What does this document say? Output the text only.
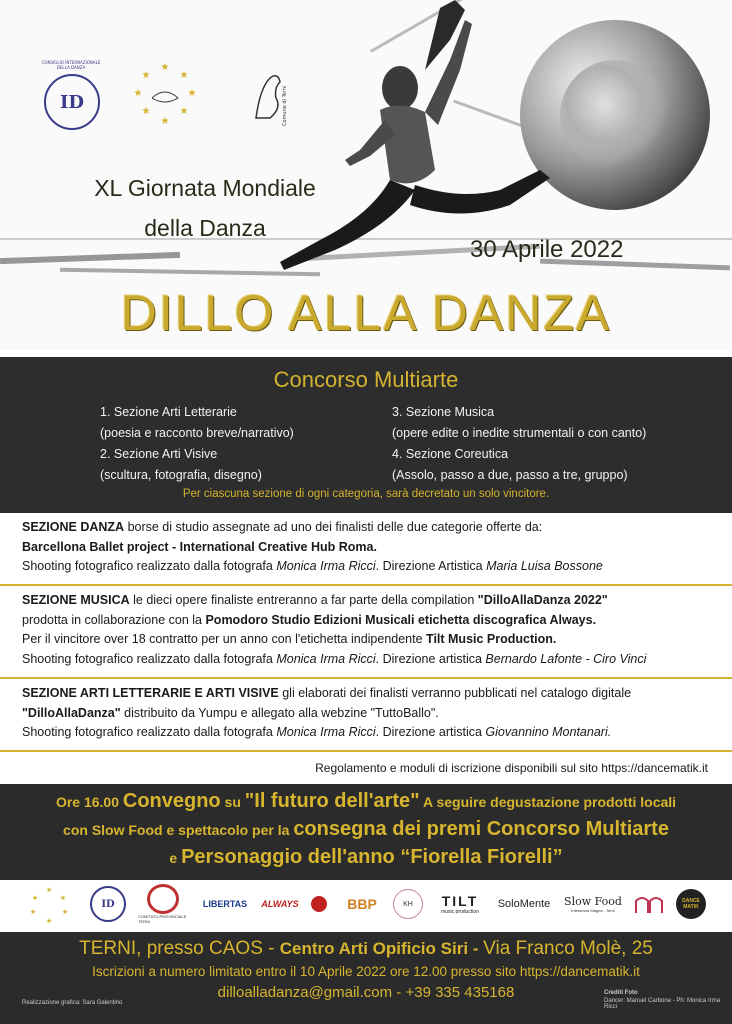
ID
CONSIGLIO INTERNAZIONALE DELLA DANZA	★
★
★
★
★
★
★
★
Comune di Terni
XL Giornata Mondiale
della Danza
30 Aprile 2022
DILLO ALLA DANZA
Concorso Multiarte
1. Sezione Arti Letterarie
(poesia e racconto breve/narrativo)
2. Sezione Arti Visive
(scultura, fotografia, disegno)
3. Sezione Musica
(opere edite o inedite strumentali o con canto)
4. Sezione Coreutica
(Assolo, passo a due, passo a tre, gruppo)
Per ciascuna sezione di ogni categoria, sarà decretato un solo vincitore.
SEZIONE DANZA borse di studio assegnate ad uno dei finalisti delle due categorie offerte da:
Barcellona Ballet project - International Creative Hub Roma.
Shooting fotografico realizzato dalla fotografa Monica Irma Ricci. Direzione Artistica Maria Luisa Bossone
SEZIONE MUSICA le dieci opere finaliste entreranno a far parte della compilation "DilloAllaDanza 2022"
prodotta in collaborazione con la Pomodoro Studio Edizioni Musicali etichetta discografica Always.
Per il vincitore over 18 contratto per un anno con l'etichetta indipendente Tilt Music Production.
Shooting fotografico realizzato dalla fotografa Monica Irma Ricci. Direzione artistica Bernardo Lafonte - Ciro Vinci
SEZIONE ARTI LETTERARIE E ARTI VISIVE gli elaborati dei finalisti verranno pubblicati nel catalogo digitale
"DilloAllaDanza" distribuito da Yumpu e allegato alla webzine "TuttoBallo".
Shooting fotografico realizzato dalla fotografa Monica Irma Ricci. Direzione artistica Giovannino Montanari.
Regolamento e moduli di iscrizione disponibili sul sito https://dancematik.it
Ore 16.00 Convegno su "Il futuro dell'arte" A seguire degustazione prodotti locali
con Slow Food e spettacolo per la consegna dei premi Concorso Multiarte
e Personaggio dell'anno “Fiorella Fiorelli”
★
★
★
★
★
★	ID
COMITATO PROVINCIALE TERNI
LIBERTAS	ALWAYS	BBP	KH	TILT
music production
SoloMente	Slow Food
Interamna Magna - Terni
DANCE MATIK
TERNI, presso CAOS - Centro Arti Opificio Siri - Via Franco Molè, 25
Iscrizioni a numero limitato entro il 10 Aprile 2022 ore 12.00 presso sito https://dancematik.it
dilloalladanza@gmail.com - +39 335 435168
Realizzazione grafica: Sara Galentino
Crediti Foto
Dancer: Manuel Carbone - Ph: Monica Irma Ricci
